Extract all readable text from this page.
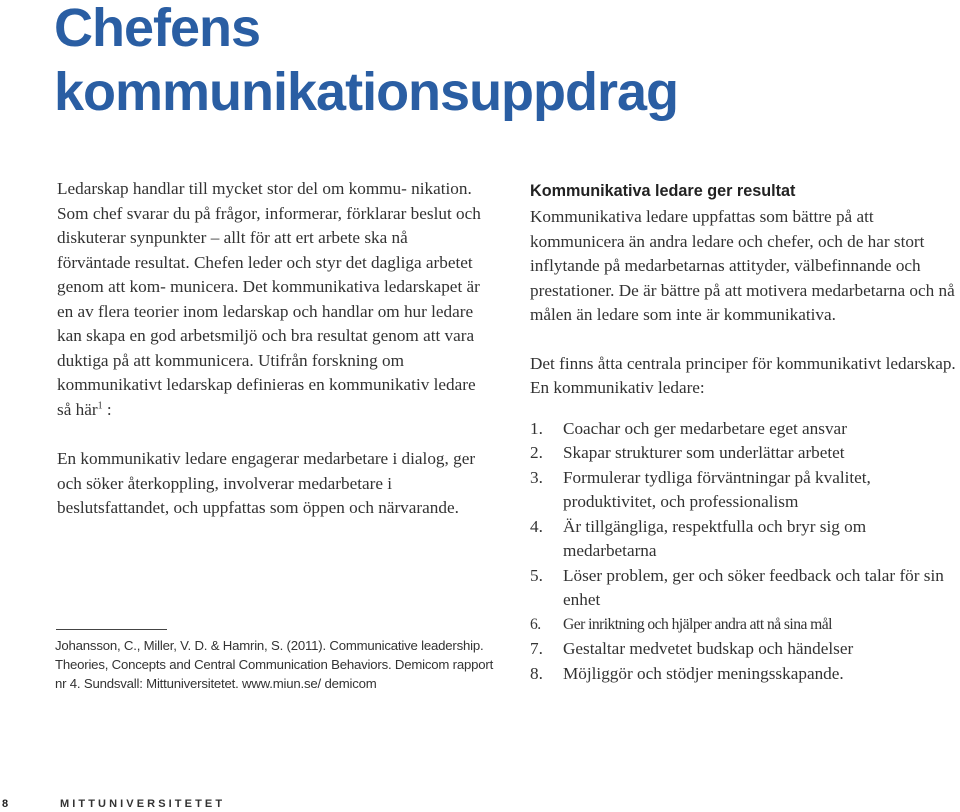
Chefens
kommunikationsuppdrag

Ledarskap handlar till mycket stor del om kommu- nikation. Som chef svarar du på frågor, informerar, förklarar beslut och diskuterar synpunkter – allt för att ert arbete ska nå förväntade resultat. Chefen leder och styr det dagliga arbetet genom att kom- municera. Det kommunikativa ledarskapet är en av flera teorier inom ledarskap och handlar om hur ledare kan skapa en god arbetsmiljö och bra resultat genom att vara duktiga på att kommunicera. Utifrån forskning om kommunikativt ledarskap definieras en kommunikativ ledare så här$^1$ :

En kommunikativ ledare engagerar medarbetare i dialog, ger och söker återkoppling, involverar medarbetare i beslutsfattandet, och uppfattas som öppen och närvarande.

Johansson, C., Miller, V. D. & Hamrin, S. (2011). Communicative leadership. Theories, Concepts and Central Communication Behaviors. Demicom rapport nr 4. Sundsvall: Mittuniversitetet. www.miun.se/ demicom
Kommunikativa ledare ger resultat

Kommunikativa ledare uppfattas som bättre på att kommunicera än andra ledare och chefer, och de har stort inflytande på medarbetarnas attityder, välbefinnande och prestationer. De är bättre på att motivera medarbetarna och nå målen än ledare som inte är kommunikativa.

Det finns åtta centrala principer för kommunikativt ledarskap. En kommunikativ ledare:

1. Coachar och ger medarbetare eget ansvar
2. Skapar strukturer som underlättar arbetet
3. Formulerar tydliga förväntningar på kvalitet, produktivitet, och professionalism
4. Är tillgängliga, respektfulla och bryr sig om medarbetarna
5. Löser problem, ger och söker feedback och talar för sin enhet
6. Ger inriktning och hjälper andra att nå sina mål
7. Gestaltar medvetet budskap och händelser
8. Möjliggör och stödjer meningsskapande.
8	MITTUNIVERSITETET
